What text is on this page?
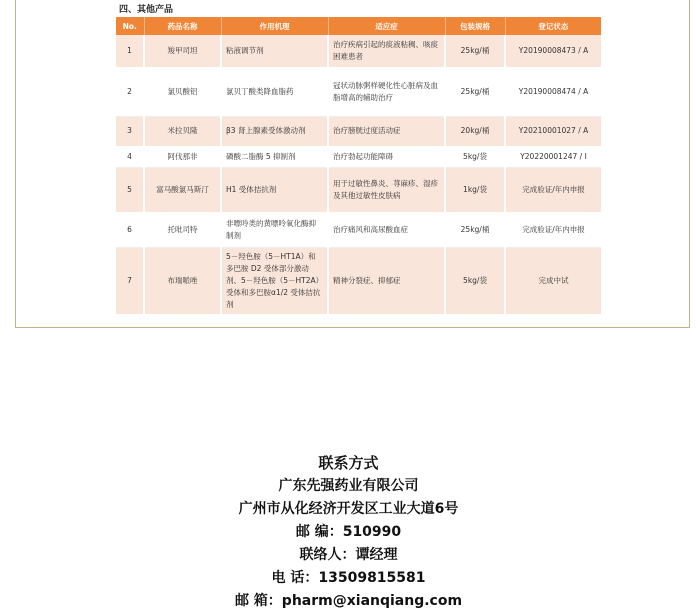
四、其他产品
No.	药品名称	作用机理	适应症	包装规格	登记状态
1	羧甲司坦	粘液调节剂	治疗疾病引起的痰液粘稠、咳痰困难患者	25kg/桶	Y20190008473 / A
2	氯贝酸铝	氯贝丁酸类降血脂药	冠状动脉粥样硬化性心脏病及血脂增高的辅助治疗	25kg/桶	Y20190008474 / A
3	米拉贝隆	β3 肾上腺素受体激动剂	治疗膀胱过度活动症	20kg/桶	Y20210001027 / A
4	阿伐那非	磷酸二脂酶 5 抑制剂	治疗勃起功能障碍	5kg/袋	Y20220001247 / I
5	富马酸氯马斯汀	H1 受体拮抗剂	用于过敏性鼻炎、荨麻疹、湿疹及其他过敏性皮肤病	1kg/袋	完成验证/年内申报
6	托吡司特	非嘌呤类的黄嘌呤氧化酶抑制剂	治疗痛风和高尿酸血症	25kg/桶	完成验证/年内申报
7	布瑞哌唑	5－羟色胺（5－HT1A）和多巴胺 D2 受体部分激动剂、5－羟色胺（5－HT2A）受体和多巴胺α1/2 受体拮抗剂	精神分裂症、抑郁症	5kg/袋	完成中试
联系方式
广东先强药业有限公司
广州市从化经济开发区工业大道6号
邮 编：510990
联络人：谭经理
电 话：13509815581
邮 箱：pharm@xianqiang.com
